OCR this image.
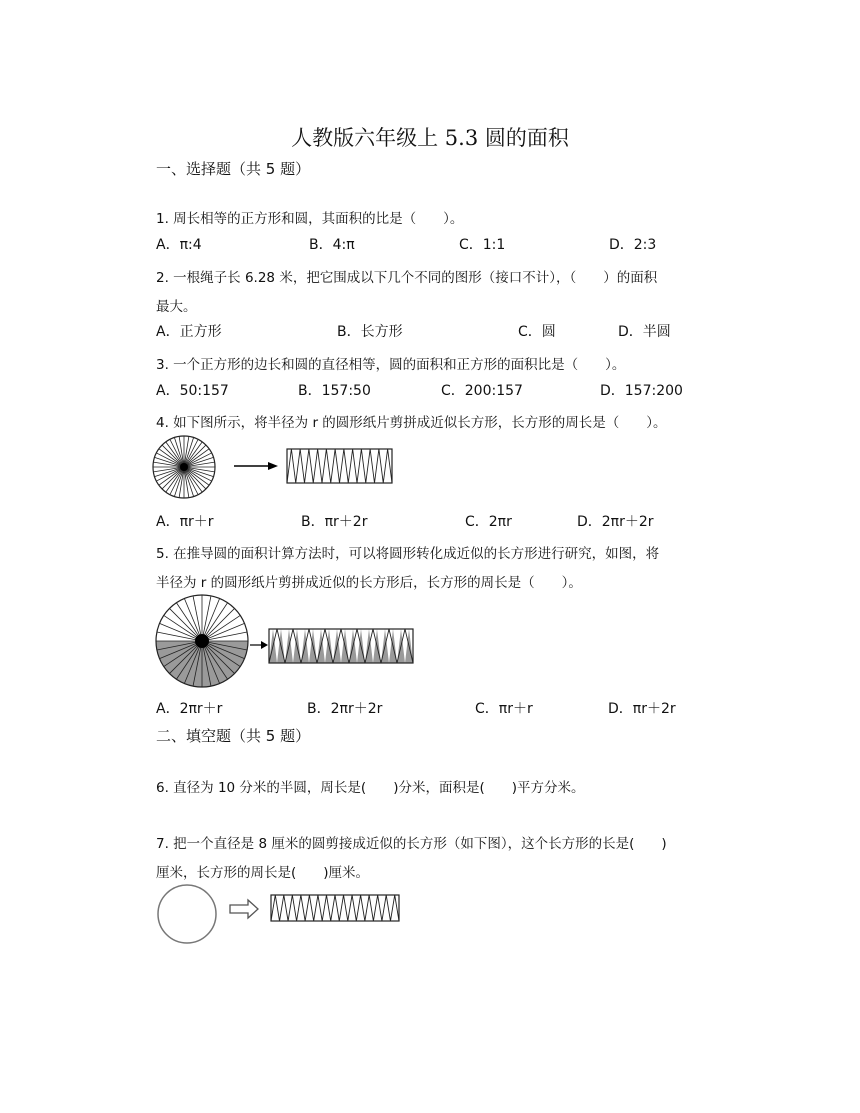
人教版六年级上 5.3 圆的面积
一、选择题（共 5 题）
1. 周长相等的正方形和圆，其面积的比是（　　）。
A．π:4	B．4:π	C．1:1	D．2:3
2. 一根绳子长 6.28 米，把它围成以下几个不同的图形（接口不计），（　　）的面积
最大。
A．正方形	B．长方形	C．圆	D．半圆
3. 一个正方形的边长和圆的直径相等，圆的面积和正方形的面积比是（　　）。
A．50:157	B．157:50	C．200:157	D．157:200
4. 如下图所示，将半径为 r 的圆形纸片剪拼成近似长方形，长方形的周长是（　　）。
A．πr＋r	B．πr＋2r	C．2πr	D．2πr＋2r
5. 在推导圆的面积计算方法时，可以将圆形转化成近似的长方形进行研究，如图，将
半径为 r 的圆形纸片剪拼成近似的长方形后，长方形的周长是（　　）。
A．2πr＋r	B．2πr＋2r	C．πr＋r	D．πr＋2r
二、填空题（共 5 题）
6. 直径为 10 分米的半圆，周长是(　　)分米，面积是(　　)平方分米。
7. 把一个直径是 8 厘米的圆剪接成近似的长方形（如下图），这个长方形的长是(　　)
厘米，长方形的周长是(　　)厘米。
